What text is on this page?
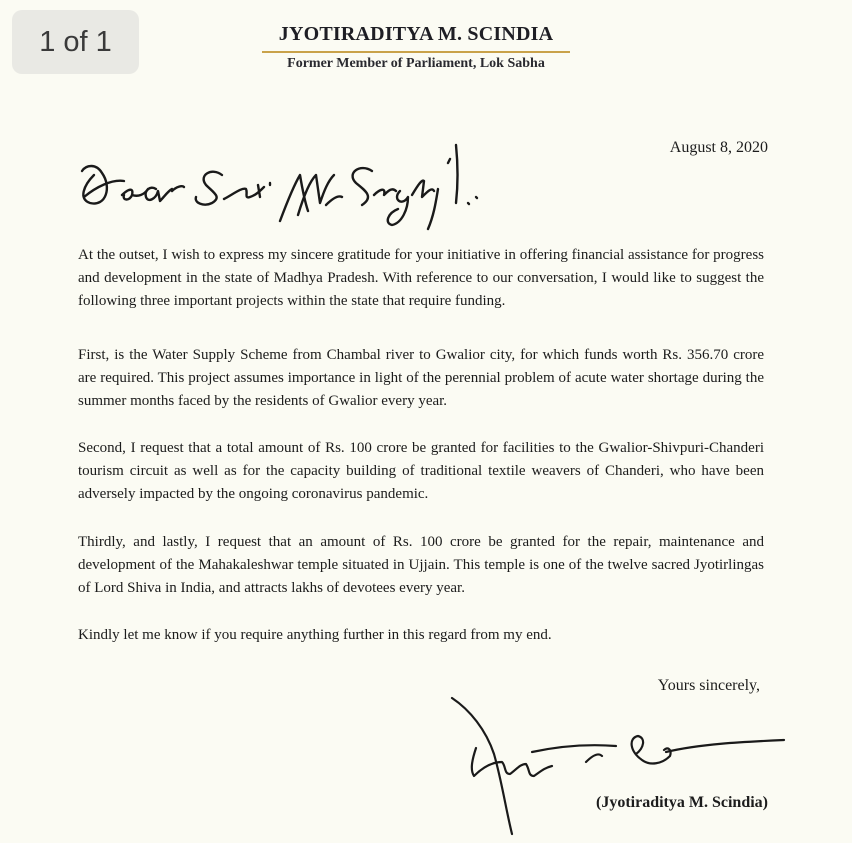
1 of 1	JYOTIRADITYA M. SCINDIA
Former Member of Parliament, Lok Sabha
August 8, 2020
At the outset, I wish to express my sincere gratitude for your initiative in offering financial assistance for progress and development in the state of Madhya Pradesh. With reference to our conversation, I would like to suggest the following three important projects within the state that require funding.
First, is the Water Supply Scheme from Chambal river to Gwalior city, for which funds worth Rs. 356.70 crore are required. This project assumes importance in light of the perennial problem of acute water shortage during the summer months faced by the residents of Gwalior every year.
Second, I request that a total amount of Rs. 100 crore be granted for facilities to the Gwalior-Shivpuri-Chanderi tourism circuit as well as for the capacity building of traditional textile weavers of Chanderi, who have been adversely impacted by the ongoing coronavirus pandemic.
Thirdly, and lastly, I request that an amount of Rs. 100 crore be granted for the repair, maintenance and development of the Mahakaleshwar temple situated in Ujjain. This temple is one of the twelve sacred Jyotirlingas of Lord Shiva in India, and attracts lakhs of devotees every year.
Kindly let me know if you require anything further in this regard from my end.
Yours sincerely,
(Jyotiraditya M. Scindia)
